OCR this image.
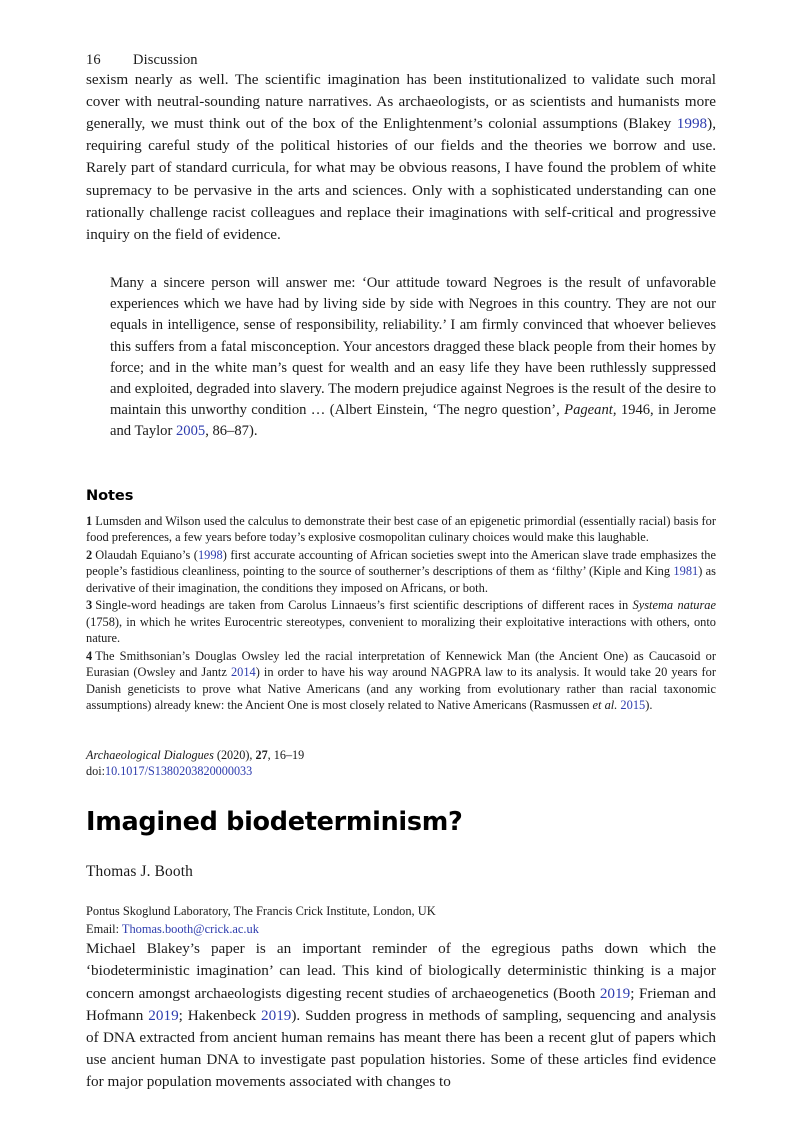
16	Discussion

sexism nearly as well. The scientific imagination has been institutionalized to validate such moral cover with neutral-sounding nature narratives. As archaeologists, or as scientists and humanists more generally, we must think out of the box of the Enlightenment’s colonial assumptions (Blakey 1998), requiring careful study of the political histories of our fields and the theories we borrow and use. Rarely part of standard curricula, for what may be obvious reasons, I have found the problem of white supremacy to be pervasive in the arts and sciences. Only with a sophisticated understanding can one rationally challenge racist colleagues and replace their imaginations with self-critical and progressive inquiry on the field of evidence.

Many a sincere person will answer me: ‘Our attitude toward Negroes is the result of unfavorable experiences which we have had by living side by side with Negroes in this country. They are not our equals in intelligence, sense of responsibility, reliability.’ I am firmly convinced that whoever believes this suffers from a fatal misconception. Your ancestors dragged these black people from their homes by force; and in the white man’s quest for wealth and an easy life they have been ruthlessly suppressed and exploited, degraded into slavery. The modern prejudice against Negroes is the result of the desire to maintain this unworthy condition … (Albert Einstein, ‘The negro question’, Pageant, 1946, in Jerome and Taylor 2005, 86–87).
Notes

1 Lumsden and Wilson used the calculus to demonstrate their best case of an epigenetic primordial (essentially racial) basis for food preferences, a few years before today’s explosive cosmopolitan culinary choices would make this laughable.

2 Olaudah Equiano’s (1998) first accurate accounting of African societies swept into the American slave trade emphasizes the people’s fastidious cleanliness, pointing to the source of southerner’s descriptions of them as ‘filthy’ (Kiple and King 1981) as derivative of their imagination, the conditions they imposed on Africans, or both.

3 Single-word headings are taken from Carolus Linnaeus’s first scientific descriptions of different races in Systema naturae (1758), in which he writes Eurocentric stereotypes, convenient to moralizing their exploitative interactions with others, onto nature.

4 The Smithsonian’s Douglas Owsley led the racial interpretation of Kennewick Man (the Ancient One) as Caucasoid or Eurasian (Owsley and Jantz 2014) in order to have his way around NAGPRA law to its analysis. It would take 20 years for Danish geneticists to prove what Native Americans (and any working from evolutionary rather than racial taxonomic assumptions) already knew: the Ancient One is most closely related to Native Americans (Rasmussen et al. 2015).

Archaeological Dialogues (2020), 27, 16–19
doi:10.1017/S1380203820000033
Imagined biodeterminism?
Thomas J. Booth
Pontus Skoglund Laboratory, The Francis Crick Institute, London, UK
Email: Thomas.booth@crick.ac.uk

Michael Blakey’s paper is an important reminder of the egregious paths down which the ‘biodeterministic imagination’ can lead. This kind of biologically deterministic thinking is a major concern amongst archaeologists digesting recent studies of archaeogenetics (Booth 2019; Frieman and Hofmann 2019; Hakenbeck 2019). Sudden progress in methods of sampling, sequencing and analysis of DNA extracted from ancient human remains has meant there has been a recent glut of papers which use ancient human DNA to investigate past population histories. Some of these articles find evidence for major population movements associated with changes to
